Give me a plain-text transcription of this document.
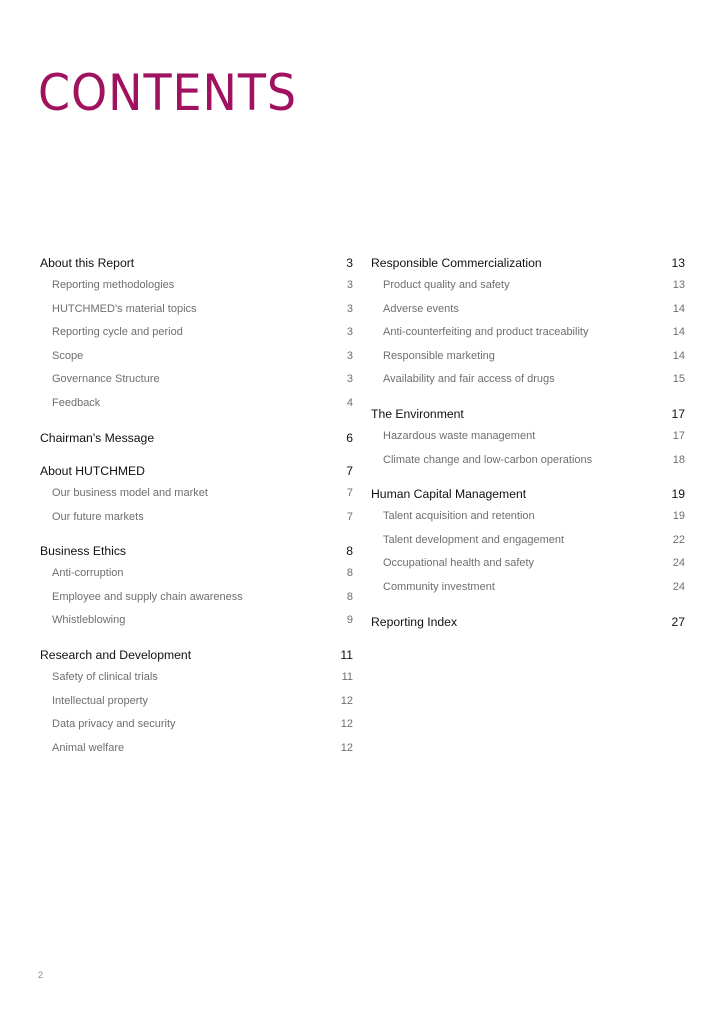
CONTENTS
About this Report	3
Reporting methodologies	3
HUTCHMED's material topics	3
Reporting cycle and period	3
Scope	3
Governance Structure	3
Feedback	4
Chairman's Message	6
About HUTCHMED	7
Our business model and market	7
Our future markets	7
Business Ethics	8
Anti-corruption	8
Employee and supply chain awareness	8
Whistleblowing	9
Research and Development	11
Safety of clinical trials	11
Intellectual property	12
Data privacy and security	12
Animal welfare	12
Responsible Commercialization	13
Product quality and safety	13
Adverse events	14
Anti-counterfeiting and product traceability	14
Responsible marketing	14
Availability and fair access of drugs	15
The Environment	17
Hazardous waste management	17
Climate change and low-carbon operations	18
Human Capital Management	19
Talent acquisition and retention	19
Talent development and engagement	22
Occupational health and safety	24
Community investment	24
Reporting Index	27
2
